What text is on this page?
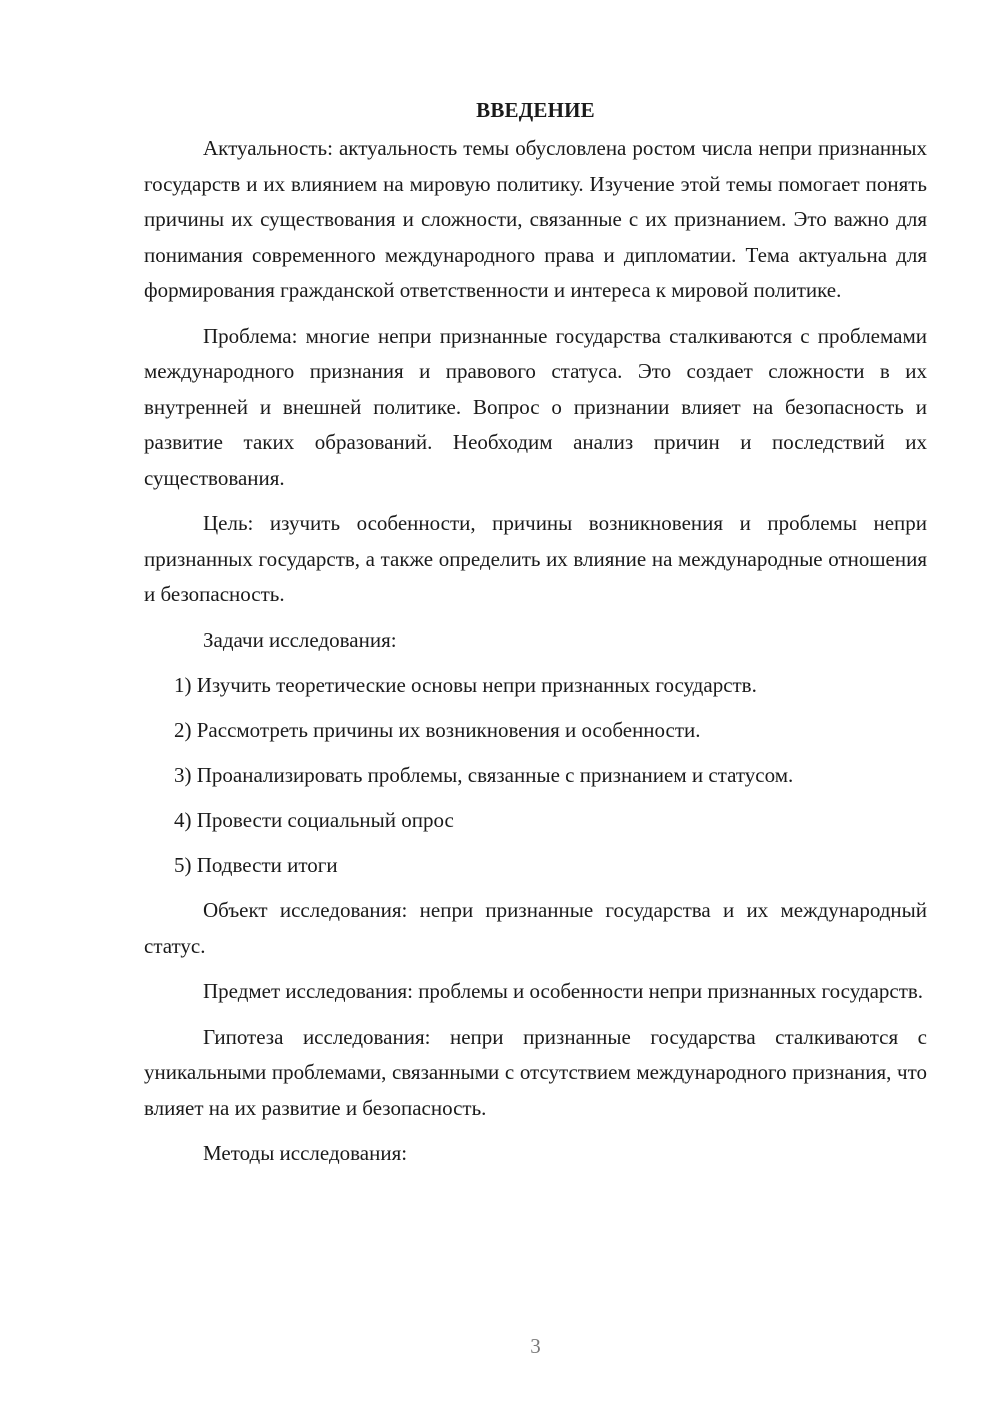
ВВЕДЕНИЕ

Актуальность: актуальность темы обусловлена ростом числа непри признанных государств и их влиянием на мировую политику. Изучение этой темы помогает понять причины их существования и сложности, связанные с их признанием. Это важно для понимания современного международного права и дипломатии. Тема актуальна для формирования гражданской ответственности и интереса к мировой политике.

Проблема: многие непри признанные государства сталкиваются с проблемами международного признания и правового статуса. Это создает сложности в их внутренней и внешней политике. Вопрос о признании влияет на безопасность и развитие таких образований. Необходим анализ причин и последствий их существования.

Цель: изучить особенности, причины возникновения и проблемы непри признанных государств, а также определить их влияние на международные отношения и безопасность.

Задачи исследования:

1) Изучить теоретические основы непри признанных государств.
2) Рассмотреть причины их возникновения и особенности.
3) Проанализировать проблемы, связанные с признанием и статусом.
4) Провести социальный опрос
5) Подвести итоги

Объект исследования: непри признанные государства и их международный статус.

Предмет исследования: проблемы и особенности непри признанных государств.

Гипотеза исследования: непри признанные государства сталкиваются с уникальными проблемами, связанными с отсутствием международного признания, что влияет на их развитие и безопасность.

Методы исследования:

3
